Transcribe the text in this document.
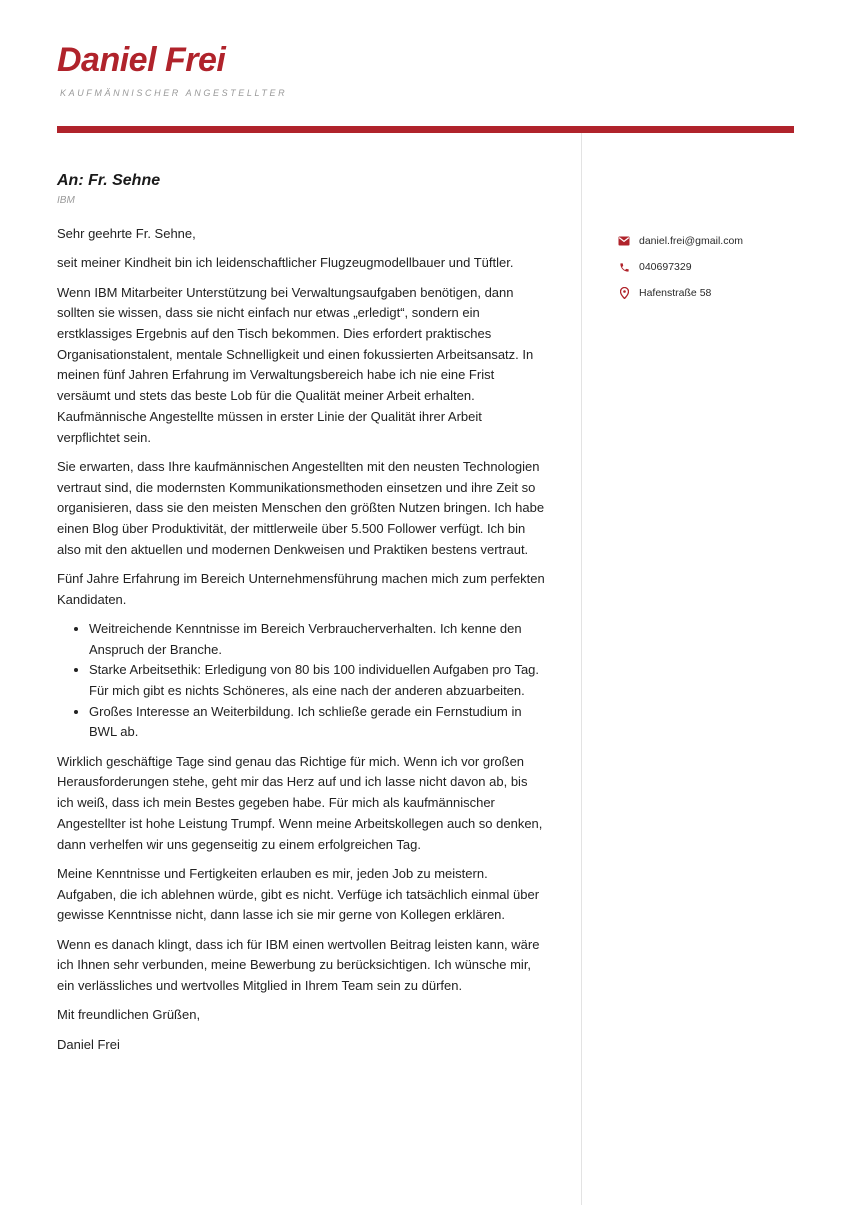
Daniel Frei
KAUFMÄNNISCHER ANGESTELLTER
An: Fr. Sehne
IBM

Sehr geehrte Fr. Sehne,

seit meiner Kindheit bin ich leidenschaftlicher Flugzeugmodellbauer und Tüftler.

Wenn IBM Mitarbeiter Unterstützung bei Verwaltungsaufgaben benötigen, dann sollten sie wissen, dass sie nicht einfach nur etwas „erledigt“, sondern ein erstklassiges Ergebnis auf den Tisch bekommen. Dies erfordert praktisches Organisationstalent, mentale Schnelligkeit und einen fokussierten Arbeitsansatz. In meinen fünf Jahren Erfahrung im Verwaltungsbereich habe ich nie eine Frist versäumt und stets das beste Lob für die Qualität meiner Arbeit erhalten. Kaufmännische Angestellte müssen in erster Linie der Qualität ihrer Arbeit verpflichtet sein.

Sie erwarten, dass Ihre kaufmännischen Angestellten mit den neusten Technologien vertraut sind, die modernsten Kommunikationsmethoden einsetzen und ihre Zeit so organisieren, dass sie den meisten Menschen den größten Nutzen bringen. Ich habe einen Blog über Produktivität, der mittlerweile über 5.500 Follower verfügt. Ich bin also mit den aktuellen und modernen Denkweisen und Praktiken bestens vertraut.

Fünf Jahre Erfahrung im Bereich Unternehmensführung machen mich zum perfekten Kandidaten.

• Weitreichende Kenntnisse im Bereich Verbraucherverhalten. Ich kenne den Anspruch der Branche.
• Starke Arbeitsethik: Erledigung von 80 bis 100 individuellen Aufgaben pro Tag. Für mich gibt es nichts Schöneres, als eine nach der anderen abzuarbeiten.
• Großes Interesse an Weiterbildung. Ich schließe gerade ein Fernstudium in BWL ab.

Wirklich geschäftige Tage sind genau das Richtige für mich. Wenn ich vor großen Herausforderungen stehe, geht mir das Herz auf und ich lasse nicht davon ab, bis ich weiß, dass ich mein Bestes gegeben habe. Für mich als kaufmännischer Angestellter ist hohe Leistung Trumpf. Wenn meine Arbeitskollegen auch so denken, dann verhelfen wir uns gegenseitig zu einem erfolgreichen Tag.

Meine Kenntnisse und Fertigkeiten erlauben es mir, jeden Job zu meistern. Aufgaben, die ich ablehnen würde, gibt es nicht. Verfüge ich tatsächlich einmal über gewisse Kenntnisse nicht, dann lasse ich sie mir gerne von Kollegen erklären.

Wenn es danach klingt, dass ich für IBM einen wertvollen Beitrag leisten kann, wäre ich Ihnen sehr verbunden, meine Bewerbung zu berücksichtigen. Ich wünsche mir, ein verlässliches und wertvolles Mitglied in Ihrem Team sein zu dürfen.

Mit freundlichen Grüßen,

Daniel Frei

daniel.frei@gmail.com
040697329
Hafenstraße 58
